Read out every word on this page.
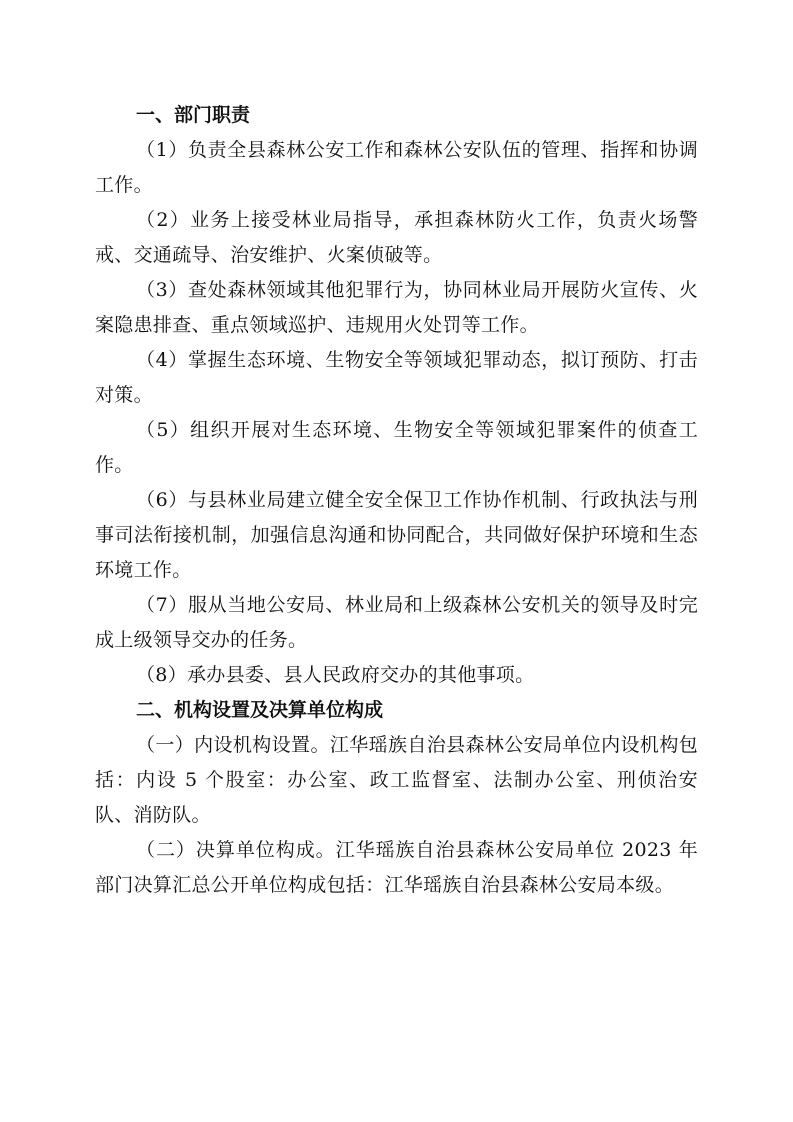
一、部门职责

（1）负责全县森林公安工作和森林公安队伍的管理、指挥和协调工作。

（2）业务上接受林业局指导，承担森林防火工作，负责火场警戒、交通疏导、治安维护、火案侦破等。

（3）查处森林领域其他犯罪行为，协同林业局开展防火宣传、火案隐患排查、重点领域巡护、违规用火处罚等工作。

（4）掌握生态环境、生物安全等领域犯罪动态，拟订预防、打击对策。

（5）组织开展对生态环境、生物安全等领域犯罪案件的侦查工作。

（6）与县林业局建立健全安全保卫工作协作机制、行政执法与刑事司法衔接机制，加强信息沟通和协同配合，共同做好保护环境和生态环境工作。

（7）服从当地公安局、林业局和上级森林公安机关的领导及时完成上级领导交办的任务。

（8）承办县委、县人民政府交办的其他事项。

二、机构设置及决算单位构成

（一）内设机构设置。江华瑶族自治县森林公安局单位内设机构包括：内设 5 个股室：办公室、政工监督室、法制办公室、刑侦治安队、消防队。

（二）决算单位构成。江华瑶族自治县森林公安局单位 2023 年部门决算汇总公开单位构成包括：江华瑶族自治县森林公安局本级。
